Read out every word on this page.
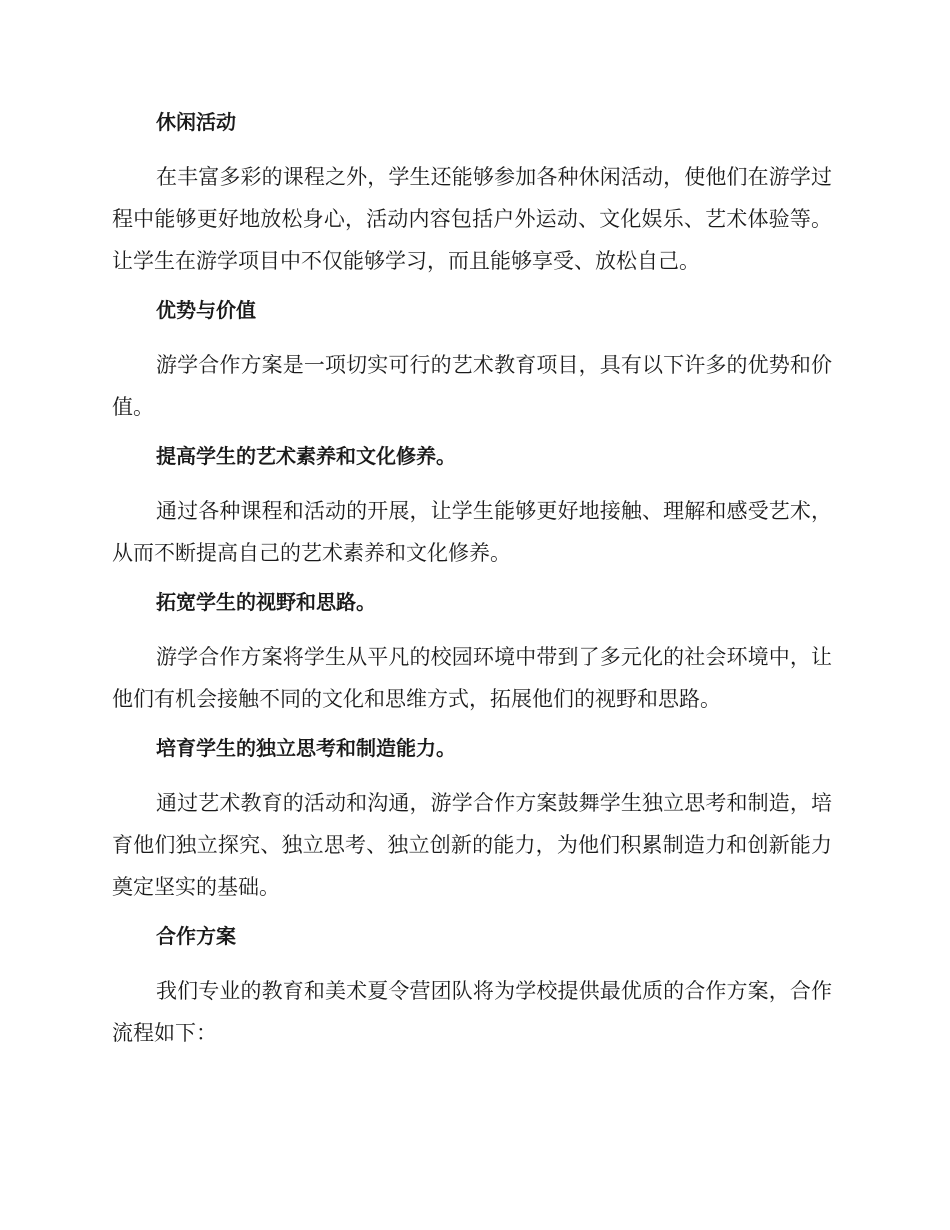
休闲活动

在丰富多彩的课程之外，学生还能够参加各种休闲活动，使他们在游学过程中能够更好地放松身心，活动内容包括户外运动、文化娱乐、艺术体验等。让学生在游学项目中不仅能够学习，而且能够享受、放松自己。

优势与价值

游学合作方案是一项切实可行的艺术教育项目，具有以下许多的优势和价值。

提高学生的艺术素养和文化修养。

通过各种课程和活动的开展，让学生能够更好地接触、理解和感受艺术，从而不断提高自己的艺术素养和文化修养。

拓宽学生的视野和思路。

游学合作方案将学生从平凡的校园环境中带到了多元化的社会环境中，让他们有机会接触不同的文化和思维方式，拓展他们的视野和思路。

培育学生的独立思考和制造能力。

通过艺术教育的活动和沟通，游学合作方案鼓舞学生独立思考和制造，培育他们独立探究、独立思考、独立创新的能力，为他们积累制造力和创新能力奠定坚实的基础。

合作方案

我们专业的教育和美术夏令营团队将为学校提供最优质的合作方案，合作流程如下：
